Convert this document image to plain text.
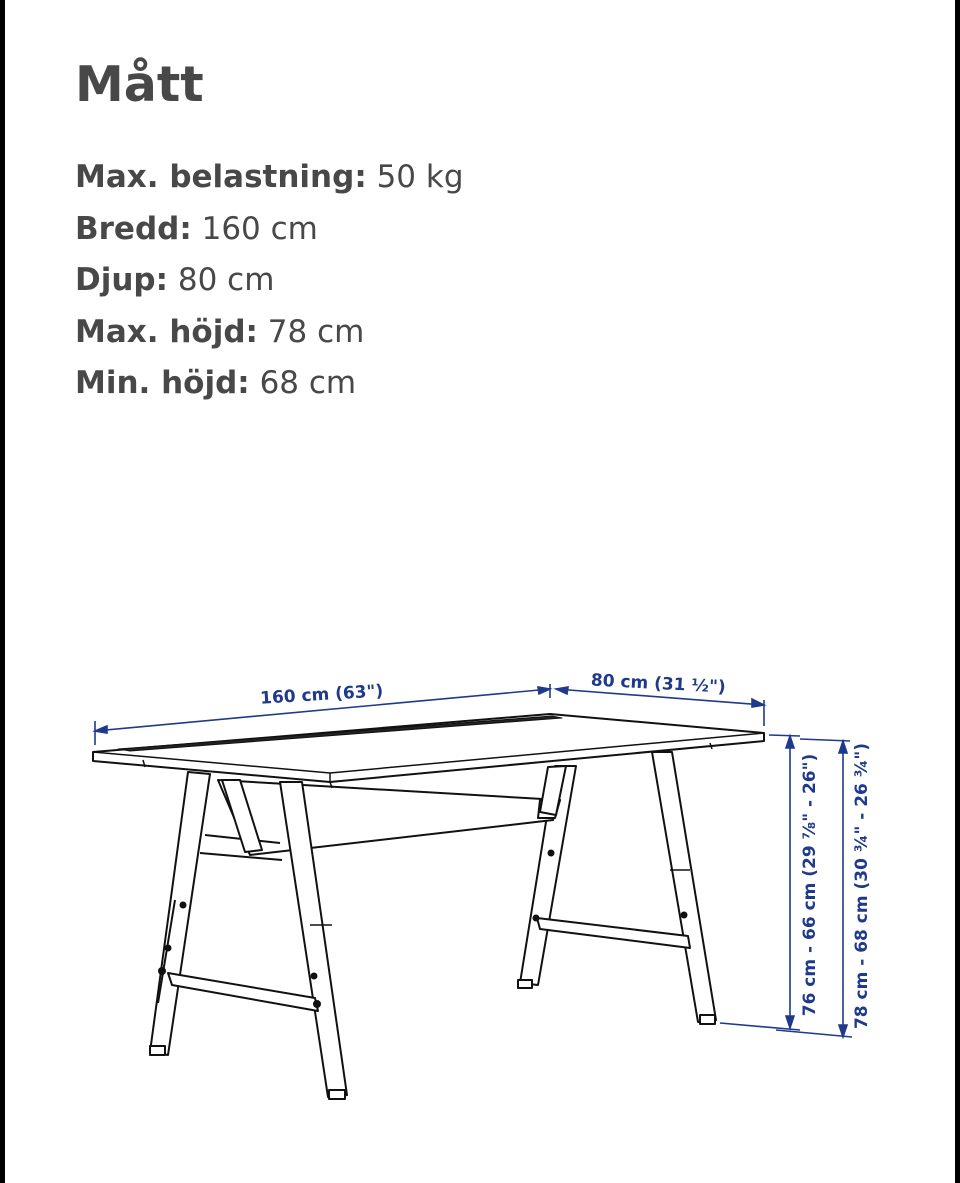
Mått
Max. belastning: 50 kg
Bredd: 160 cm
Djup: 80 cm
Max. höjd: 78 cm
Min. höjd: 68 cm
160 cm (63")	80 cm (31 ½")
76 cm - 66 cm (29 ⅞" - 26") 78 cm - 68 cm (30 ¾" - 26 ¾")
